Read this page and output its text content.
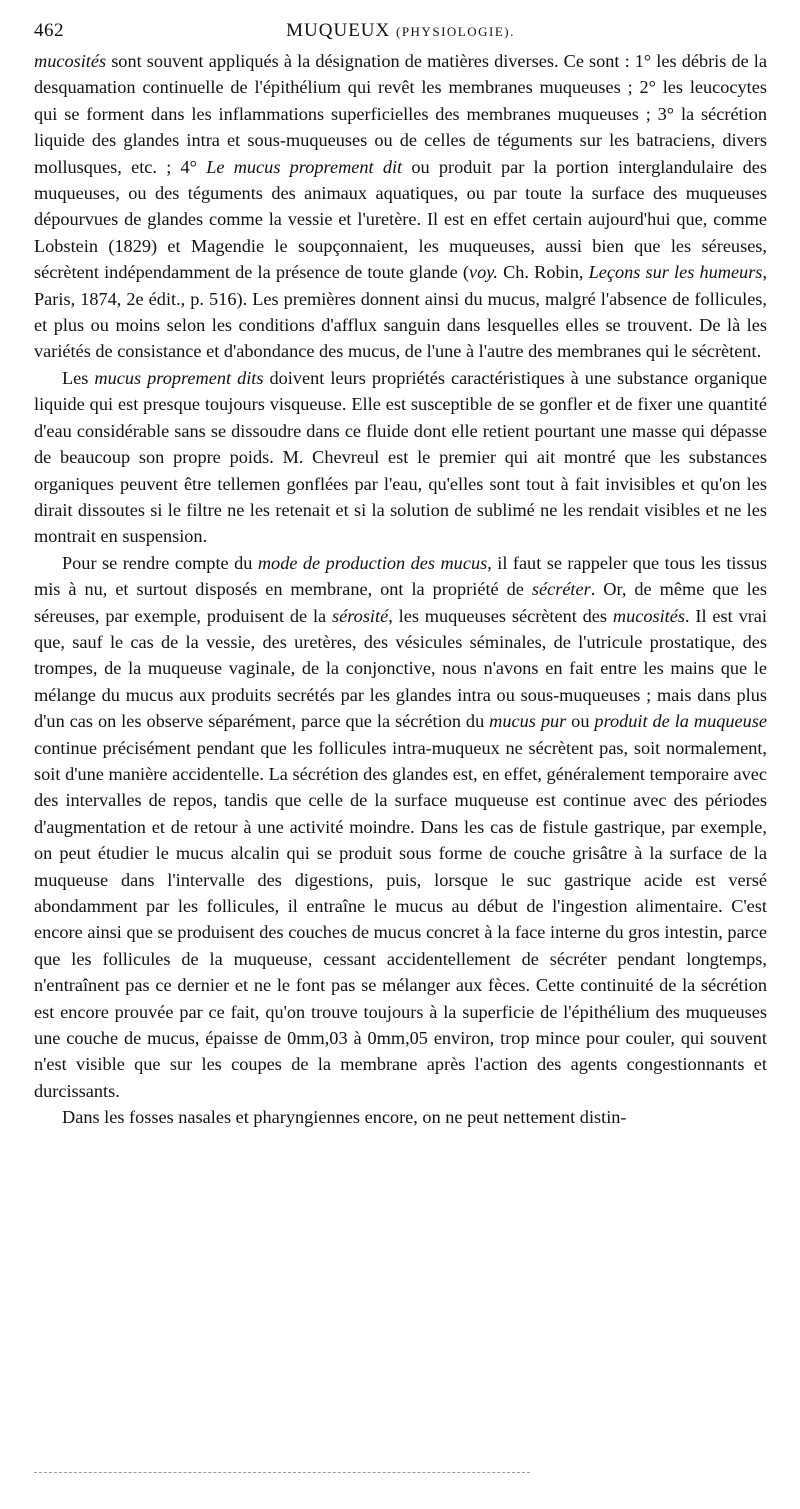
462	MUQUEUX (PHYSIOLOGIE).

mucosités sont souvent appliqués à la désignation de matières diverses. Ce sont : 1° les débris de la desquamation continuelle de l'épithélium qui revêt les membranes muqueuses ; 2° les leucocytes qui se forment dans les inflammations superficielles des membranes muqueuses ; 3° la sécrétion liquide des glandes intra et sous-muqueuses ou de celles de téguments sur les batraciens, divers mollusques, etc. ; 4° Le mucus proprement dit ou produit par la portion interglandulaire des muqueuses, ou des téguments des animaux aquatiques, ou par toute la surface des muqueuses dépourvues de glandes comme la vessie et l'uretère. Il est en effet certain aujourd'hui que, comme Lobstein (1829) et Magendie le soupçonnaient, les muqueuses, aussi bien que les séreuses, sécrètent indépendamment de la présence de toute glande (voy. Ch. Robin, Leçons sur les humeurs, Paris, 1874, 2e édit., p. 516). Les premières donnent ainsi du mucus, malgré l'absence de follicules, et plus ou moins selon les conditions d'afflux sanguin dans lesquelles elles se trouvent. De là les variétés de consistance et d'abondance des mucus, de l'une à l'autre des membranes qui le sécrètent.

Les mucus proprement dits doivent leurs propriétés caractéristiques à une substance organique liquide qui est presque toujours visqueuse. Elle est susceptible de se gonfler et de fixer une quantité d'eau considérable sans se dissoudre dans ce fluide dont elle retient pourtant une masse qui dépasse de beaucoup son propre poids. M. Chevreul est le premier qui ait montré que les substances organiques peuvent être tellemen gonflées par l'eau, qu'elles sont tout à fait invisibles et qu'on les dirait dissoutes si le filtre ne les retenait et si la solution de sublimé ne les rendait visibles et ne les montrait en suspension.

Pour se rendre compte du mode de production des mucus, il faut se rappeler que tous les tissus mis à nu, et surtout disposés en membrane, ont la propriété de sécréter. Or, de même que les séreuses, par exemple, produisent de la sérosité, les muqueuses sécrètent des mucosités. Il est vrai que, sauf le cas de la vessie, des uretères, des vésicules séminales, de l'utricule prostatique, des trompes, de la muqueuse vaginale, de la conjonctive, nous n'avons en fait entre les mains que le mélange du mucus aux produits secrétés par les glandes intra ou sous-muqueuses ; mais dans plus d'un cas on les observe séparément, parce que la sécrétion du mucus pur ou produit de la muqueuse continue précisément pendant que les follicules intra-muqueux ne sécrètent pas, soit normalement, soit d'une manière accidentelle. La sécrétion des glandes est, en effet, généralement temporaire avec des intervalles de repos, tandis que celle de la surface muqueuse est continue avec des périodes d'augmentation et de retour à une activité moindre. Dans les cas de fistule gastrique, par exemple, on peut étudier le mucus alcalin qui se produit sous forme de couche grisâtre à la surface de la muqueuse dans l'intervalle des digestions, puis, lorsque le suc gastrique acide est versé abondamment par les follicules, il entraîne le mucus au début de l'ingestion alimentaire. C'est encore ainsi que se produisent des couches de mucus concret à la face interne du gros intestin, parce que les follicules de la muqueuse, cessant accidentellement de sécréter pendant longtemps, n'entraînent pas ce dernier et ne le font pas se mélanger aux fèces. Cette continuité de la sécrétion est encore prouvée par ce fait, qu'on trouve toujours à la superficie de l'épithélium des muqueuses une couche de mucus, épaisse de 0mm,03 à 0mm,05 environ, trop mince pour couler, qui souvent n'est visible que sur les coupes de la membrane après l'action des agents congestionnants et durcissants.

Dans les fosses nasales et pharyngiennes encore, on ne peut nettement distin-
